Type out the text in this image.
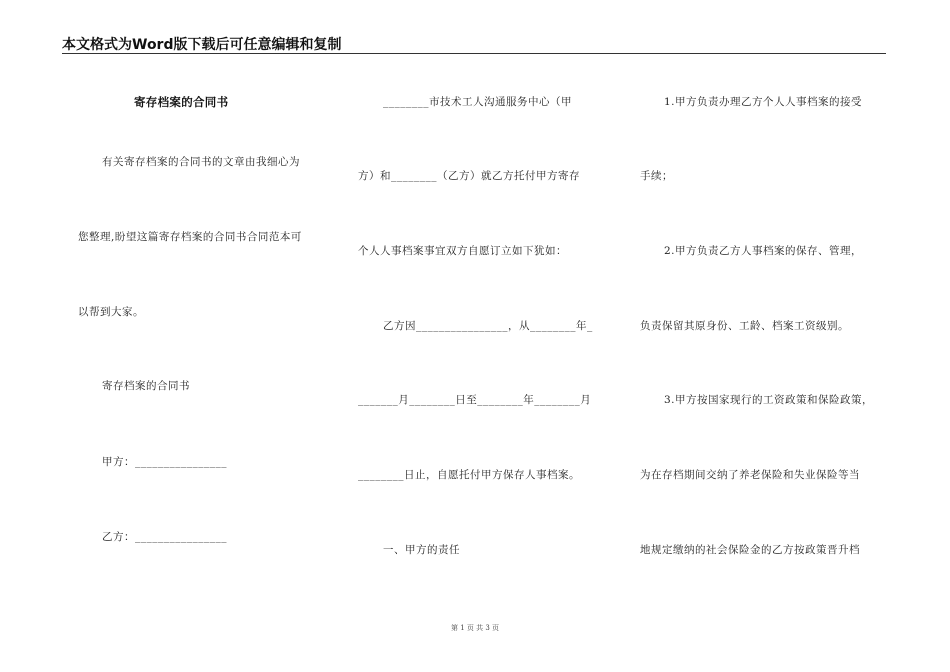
本文格式为Word版下载后可任意编辑和复制
寄存档案的合同书
有关寄存档案的合同书的文章由我细心为
您整理,盼望这篇寄存档案的合同书合同范本可
以帮到大家。
寄存档案的合同书
甲方：________________
乙方：________________
________市技术工人沟通服务中心（甲
方）和________（乙方）就乙方托付甲方寄存
个人人事档案事宜双方自愿订立如下犹如：
乙方因________________，从________年_
_______月________日至________年________月
________日止，自愿托付甲方保存人事档案。
一、甲方的责任
1.甲方负责办理乙方个人人事档案的接受
手续；
2.甲方负责乙方人事档案的保存、管理，
负责保留其原身份、工龄、档案工资级别。
3.甲方按国家现行的工资政策和保险政策，
为在存档期间交纳了养老保险和失业保险等当
地规定缴纳的社会保险金的乙方按政策晋升档
第 1 页 共 3 页
